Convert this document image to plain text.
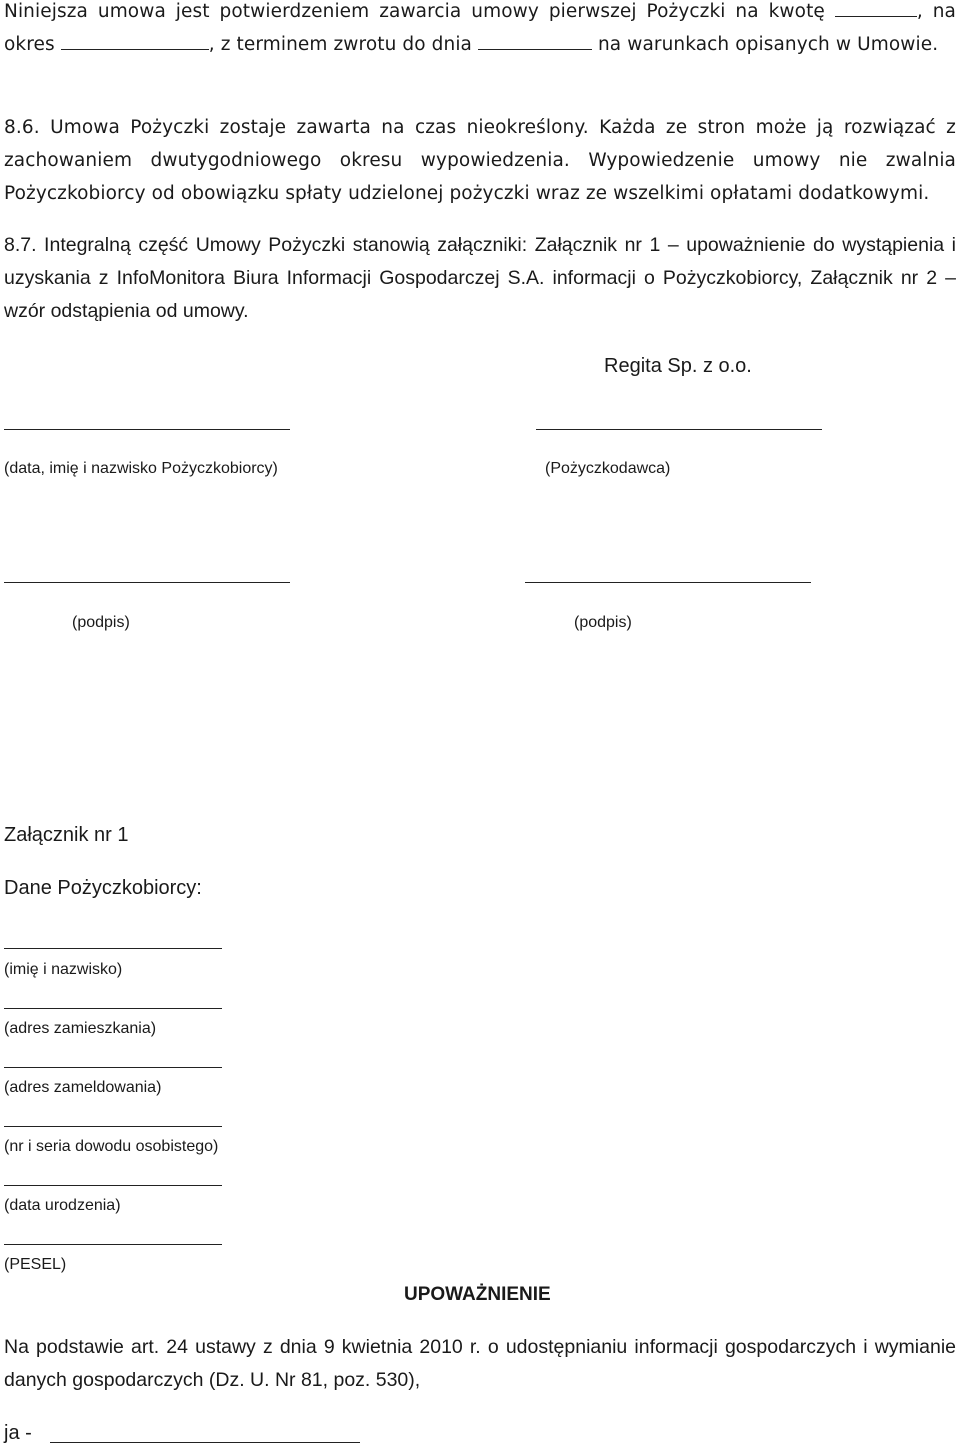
Niniejsza umowa jest potwierdzeniem zawarcia umowy pierwszej Pożyczki na kwotę	, na okres	, z terminem zwrotu do dnia	na warunkach opisanych w Umowie.

8.6. Umowa Pożyczki zostaje zawarta na czas nieokreślony. Każda ze stron może ją rozwiązać z zachowaniem dwutygodniowego okresu wypowiedzenia. Wypowiedzenie umowy nie zwalnia Pożyczkobiorcy od obowiązku spłaty udzielonej pożyczki wraz ze wszelkimi opłatami dodatkowymi.

8.7. Integralną część Umowy Pożyczki stanowią załączniki: Załącznik nr 1 – upoważnienie do wystąpienia i uzyskania z InfoMonitora Biura Informacji Gospodarczej S.A. informacji o Pożyczkobiorcy, Załącznik nr 2 – wzór odstąpienia od umowy.

Regita Sp. z o.o.
(data, imię i nazwisko Pożyczkobiorcy)	(Pożyczkodawca)
(podpis)	(podpis)
Załącznik nr 1
Dane Pożyczkobiorcy:
(imię i nazwisko)
(adres zamieszkania)
(adres zameldowania)
(nr i seria dowodu osobistego)
(data urodzenia)
(PESEL)
UPOWAŻNIENIE

Na podstawie art. 24 ustawy z dnia 9 kwietnia 2010 r. o udostępnianiu informacji gospodarczych i wymianie danych gospodarczych (Dz. U. Nr 81, poz. 530),

ja -
